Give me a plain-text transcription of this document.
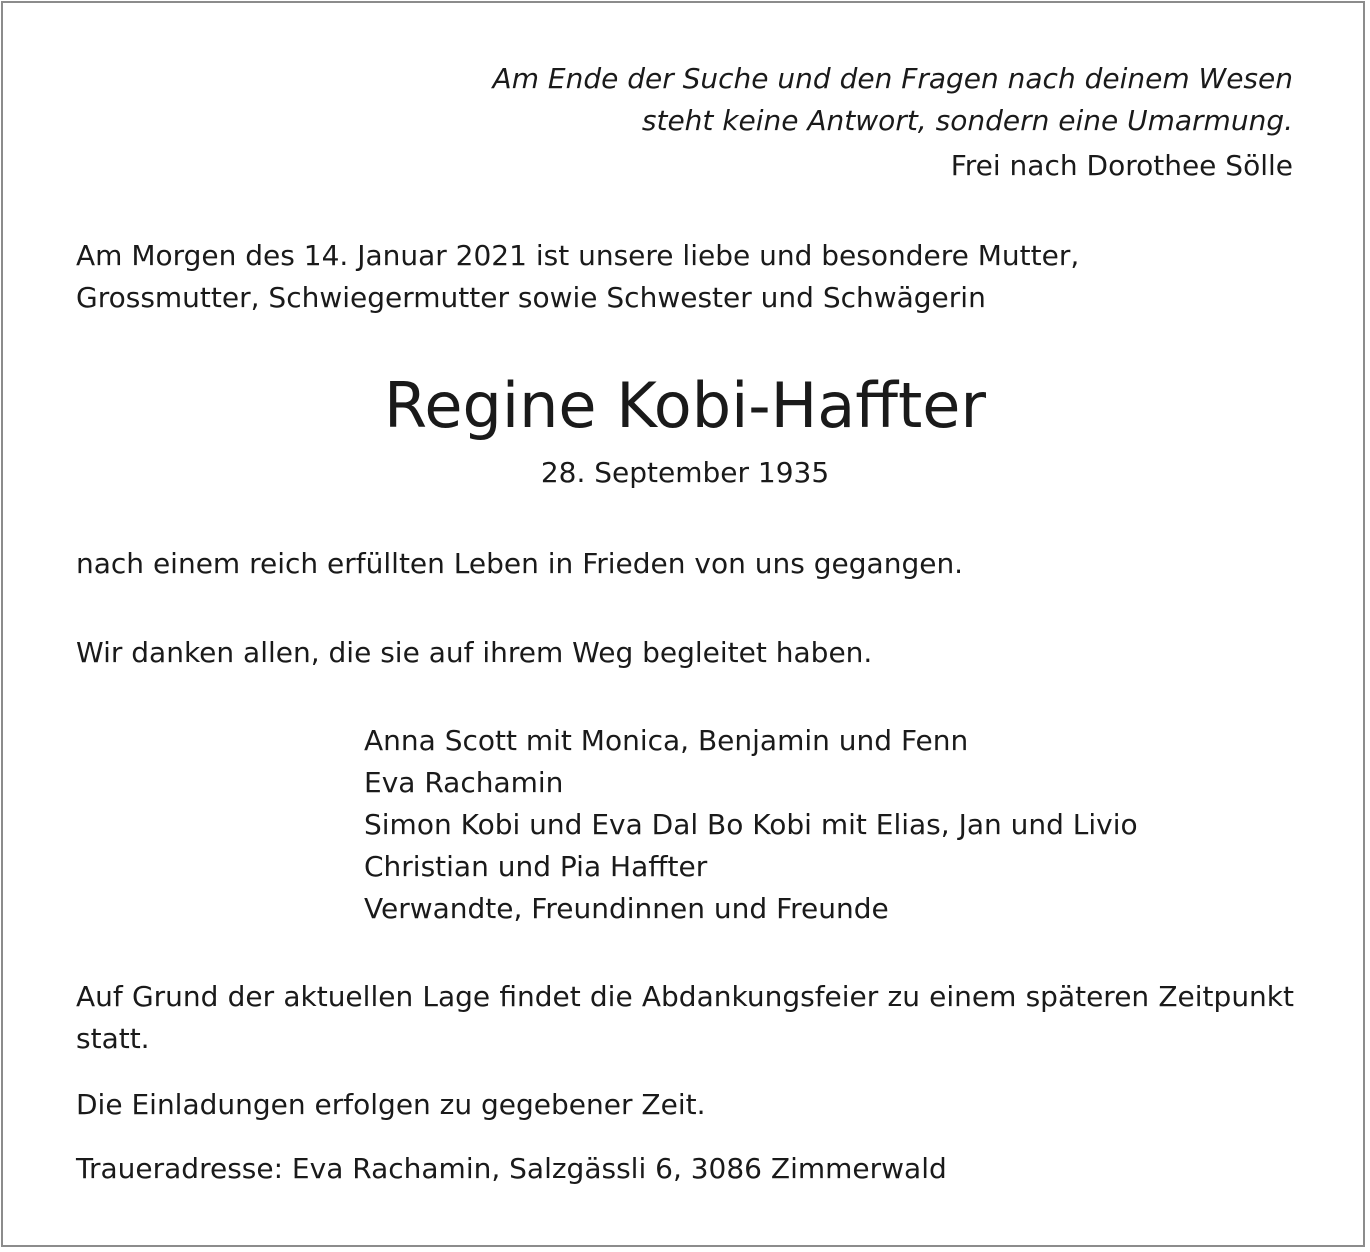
Am Ende der Suche und den Fragen nach deinem Wesen
steht keine Antwort, sondern eine Umarmung.
Frei nach Dorothee Sölle
Am Morgen des 14. Januar 2021 ist unsere liebe und besondere Mutter,
Grossmutter, Schwiegermutter sowie Schwester und Schwägerin
Regine Kobi-Haffter
28. September 1935
nach einem reich erfüllten Leben in Frieden von uns gegangen.
Wir danken allen, die sie auf ihrem Weg begleitet haben.
Anna Scott mit Monica, Benjamin und Fenn
Eva Rachamin
Simon Kobi und Eva Dal Bo Kobi mit Elias, Jan und Livio
Christian und Pia Haffter
Verwandte, Freundinnen und Freunde
Auf Grund der aktuellen Lage findet die Abdankungsfeier zu einem späteren Zeitpunkt statt.
Die Einladungen erfolgen zu gegebener Zeit.
Traueradresse: Eva Rachamin, Salzgässli 6, 3086 Zimmerwald
